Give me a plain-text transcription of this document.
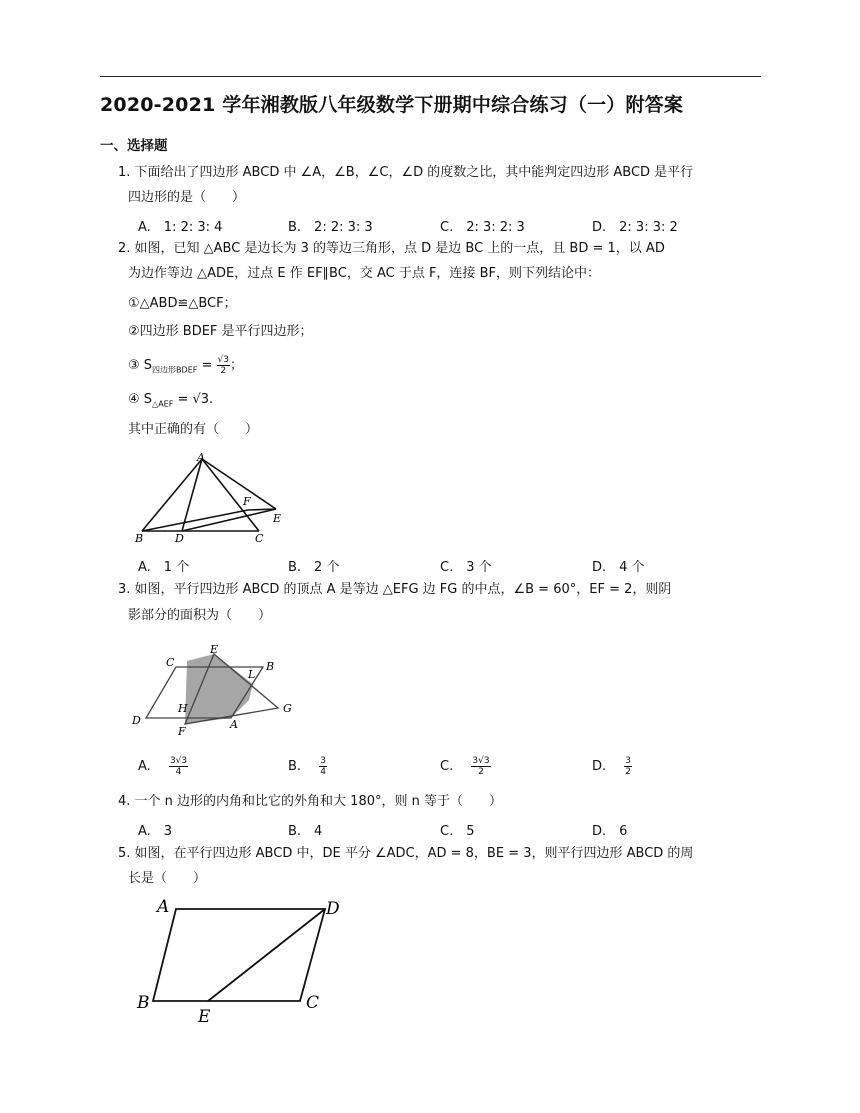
2020-2021 学年湘教版八年级数学下册期中综合练习（一）附答案
一、选择题
1. 下面给出了四边形 ABCD 中 ∠A，∠B，∠C，∠D 的度数之比，其中能判定四边形 ABCD 是平行
四边形的是（　　）
A.　1: 2: 3: 4	B.　2: 2: 3: 3	C.　2: 3: 2: 3	D.　2: 3: 3: 2
2. 如图，已知 △ABC 是边长为 3 的等边三角形，点 D 是边 BC 上的一点，且 BD = 1，以 AD
为边作等边 △ADE，过点 E 作 EF∥BC，交 AC 于点 F，连接 BF，则下列结论中：
①△ABD≌△BCF；
②四边形 BDEF 是平行四边形；
③ $S_{四边形BDEF} = \frac{√3}{2}$ ；
④ $S_{\triangle AEF} = √3$.
其中正确的有（　　）
A
B	D	C
F
E
A.　1 个	B.　2 个	C.　3 个	D.　4 个
3. 如图，平行四边形 ABCD 的顶点 A 是等边 △EFG 边 FG 的中点，∠B = 60°，EF = 2，则阴
影部分的面积为（　　）
C
E
B
L
G
H
D	A
F
A. $\frac{3√3}{4}$	B. $\frac{3}{4}$	C. $\frac{3√3}{2}$	D. $\frac{3}{2}$
4. 一个 n 边形的内角和比它的外角和大 180°，则 n 等于（　　）
A.　3	B.　4	C.　5	D.　6
5. 如图，在平行四边形 ABCD 中，DE 平分 ∠ADC，AD = 8，BE = 3，则平行四边形 ABCD 的周
长是（　　）
A	D
B	C
E
